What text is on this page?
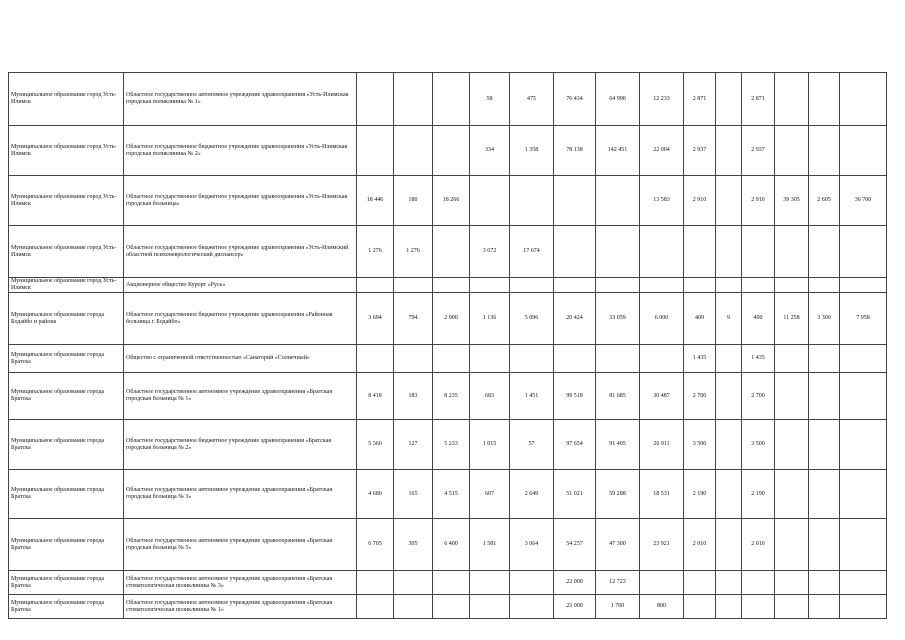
Муниципальное образование город Усть-Илимск	Областное государственное автономное учреждение здравоохранения «Усть-Илимская городская поликлиника № 1»				58	475	76 434	64 990	12 233	2 871		2 871			
Муниципальное образование город Усть-Илимск	Областное государственное бюджетное учреждение здравоохранения «Усть-Илимская городская поликлиника № 2»				334	1 358	78 138	142 451	22 004	2 937		2 937			
Муниципальное образование город Усть-Илимск	Областное государственное бюджетное учреждение здравоохранения «Усть-Илимская городская больница»	18 446	180	18 266					13 583	2 910		2 910	39 305	2 605	36 700
Муниципальное образование город Усть-Илимск	Областное государственное бюджетное учреждение здравоохранения «Усть-Илимский областной психоневрологический диспансер»	1 276	1 276		3 672	17 674									
Муниципальное образование город Усть-Илимск	Акционерное общество Курорт «Русь»														
Муниципальное образование города Бодайбо и района	Областное государственное бюджетное учреждение здравоохранения «Районная больница г. Бодайбо»	3 694	794	2 900	1 136	5 096	20 424	33 059	6 000	409	9	400	11 258	3 300	7 958
Муниципальное образование города Братска	Общество с ограниченной ответственностью «Санаторий «Солнечный»									1 435		1 435			
Муниципальное образование города Братска	Областное государственное автономное учреждение здравоохранения «Братская городская больница № 1»	8 418	183	8 235	683	1 451	99 518	81 685	30 487	2 700		2 700			
Муниципальное образование города Братска	Областное государственное бюджетное учреждение здравоохранения «Братская городская больница № 2»	5 360	127	5 233	1 015	57	97 654	91 405	26 911	3 500		3 500			
Муниципальное образование города Братска	Областное государственное автономное учреждение здравоохранения «Братская городская больница № 3»	4 680	165	4 515	607	2 649	51 021	59 288	18 531	2 190		2 190			
Муниципальное образование города Братска	Областное государственное автономное учреждение здравоохранения «Братская городская больница № 5»	6 705	305	6 400	1 581	3 064	54 257	47 300	23 921	2 010		2 010			
Муниципальное образование города Братска	Областное государственное автономное учреждение здравоохранения «Братская стоматологическая поликлиника № 3»						22 000	12 723							
Муниципальное образование города Братска	Областное государственное автономное учреждение здравоохранения «Братская стоматологическая поликлиника № 1»						23 000	1 700	800						
